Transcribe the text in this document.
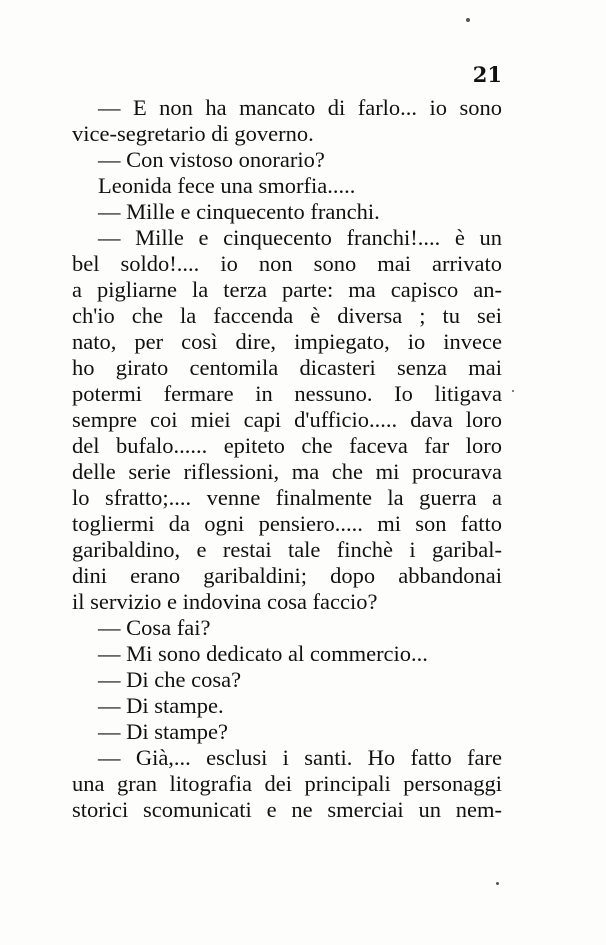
21
— E non ha mancato di farlo... io sono
vice-segretario di governo.
— Con vistoso onorario?
Leonida fece una smorfia.....
— Mille e cinquecento franchi.
— Mille e cinquecento franchi!.... è un
bel soldo!.... io non sono mai arrivato
a pigliarne la terza parte: ma capisco an-
ch'io che la faccenda è diversa ; tu sei
nato, per così dire, impiegato, io invece
ho girato centomila dicasteri senza mai
potermi fermare in nessuno. Io litigava
sempre coi miei capi d'ufficio..... dava loro
del bufalo...... epiteto che faceva far loro
delle serie riflessioni, ma che mi procurava
lo sfratto;.... venne finalmente la guerra a
togliermi da ogni pensiero..... mi son fatto
garibaldino, e restai tale finchè i garibal-
dini erano garibaldini; dopo abbandonai
il servizio e indovina cosa faccio?
— Cosa fai?
— Mi sono dedicato al commercio...
— Di che cosa?
— Di stampe.
— Di stampe?
— Già,... esclusi i santi. Ho fatto fare
una gran litografia dei principali personaggi
storici scomunicati e ne smerciai un nem-
